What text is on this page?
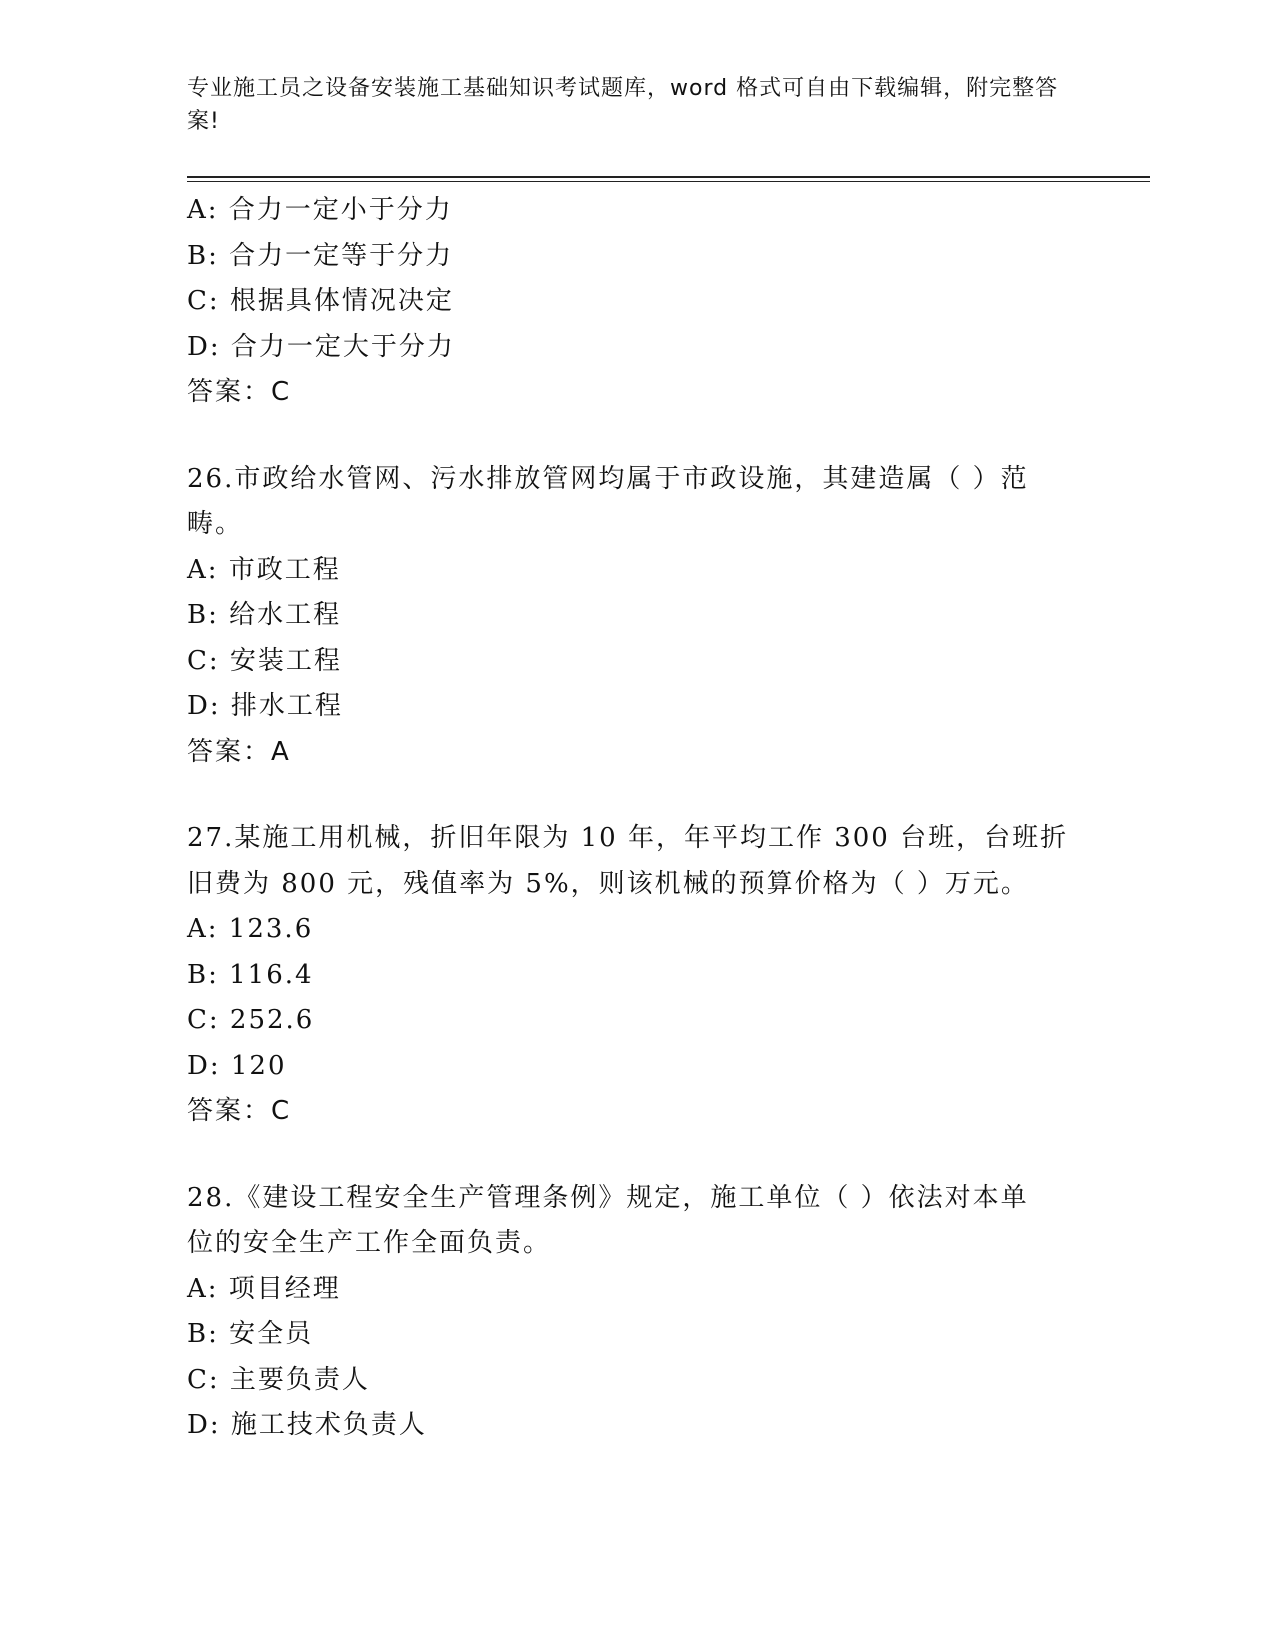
专业施工员之设备安装施工基础知识考试题库，word 格式可自由下载编辑，附完整答案!
A: 合力一定小于分力
B: 合力一定等于分力
C: 根据具体情况决定
D: 合力一定大于分力
答案：C
26.市政给水管网、污水排放管网均属于市政设施，其建造属（ ）范
畴。
A: 市政工程
B: 给水工程
C: 安装工程
D: 排水工程
答案：A
27.某施工用机械，折旧年限为 10 年，年平均工作 300 台班，台班折
旧费为 800 元，残值率为 5%，则该机械的预算价格为（ ）万元。
A: 123.6
B: 116.4
C: 252.6
D: 120
答案：C
28.《建设工程安全生产管理条例》规定，施工单位（ ）依法对本单
位的安全生产工作全面负责。
A: 项目经理
B: 安全员
C: 主要负责人
D: 施工技术负责人
